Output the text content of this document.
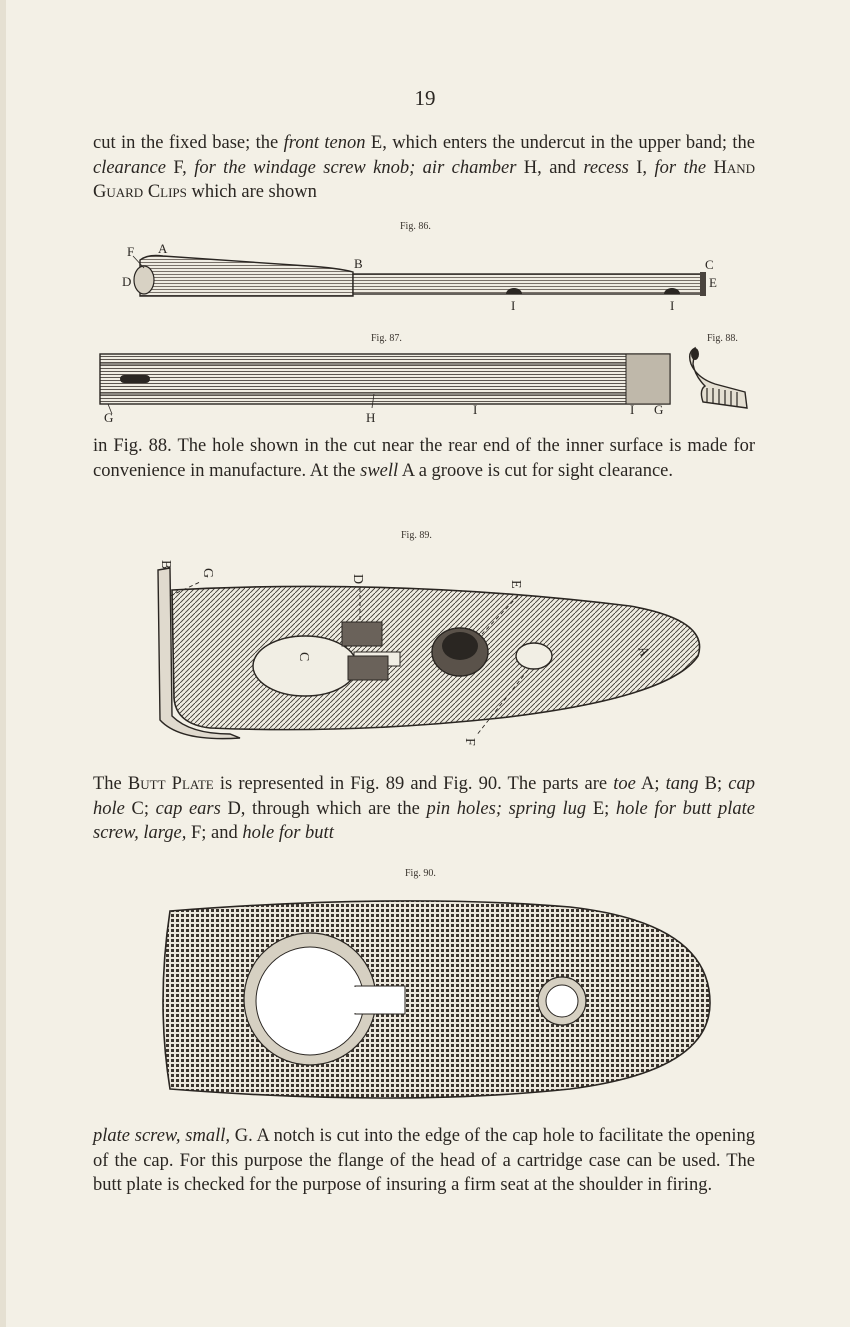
19

cut in the fixed base; the front tenon E, which enters the undercut in the upper band; the clearance F, for the windage screw knob; air chamber H, and recess I, for the Hand Guard Clips which are shown

Fig. 86.
F A
D
B	C
E
I	I
Fig. 87.	Fig. 88.
G	H
I	I G

in Fig. 88. The hole shown in the cut near the rear end of the inner surface is made for convenience in manufacture. At the swell A a groove is cut for sight clearance.

Fig. 89.
B
G
D
E
C	A
F

The Butt Plate is represented in Fig. 89 and Fig. 90. The parts are toe A; tang B; cap hole C; cap ears D, through which are the pin holes; spring lug E; hole for butt plate screw, large, F; and hole for butt

Fig. 90.

plate screw, small, G. A notch is cut into the edge of the cap hole to facilitate the opening of the cap. For this purpose the flange of the head of a cartridge case can be used. The butt plate is checked for the purpose of insuring a firm seat at the shoulder in firing.
